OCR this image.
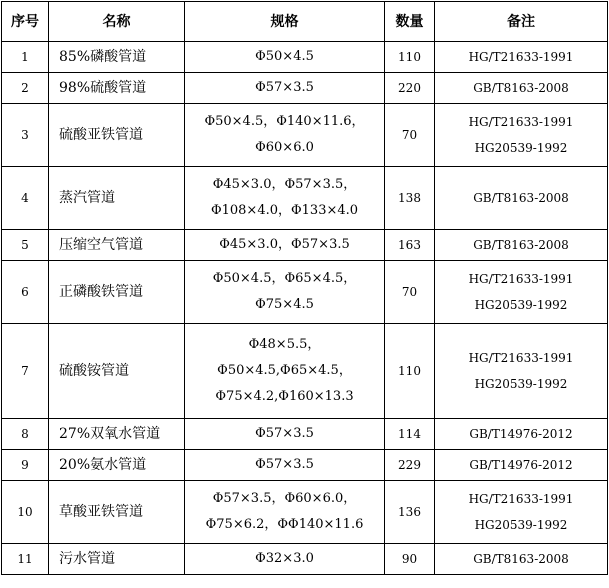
序号	名称	规格	数量	备注
1	85%磷酸管道	Φ50×4.5	110	HG/T21633-1991

2	98%硫酸管道	Φ57×3.5	220	GB/T8163-2008

3	硫酸亚铁管道	Φ50×4.5，Φ140×11.6，Φ60×6.0	70	HG/T21633-1991
HG20539-1992

4	蒸汽管道	Φ45×3.0，Φ57×3.5，Φ108×4.0，Φ133×4.0	138	GB/T8163-2008

5	压缩空气管道	Φ45×3.0，Φ57×3.5	163	GB/T8163-2008

6	正磷酸铁管道	Φ50×4.5，Φ65×4.5，Φ75×4.5	70	HG/T21633-1991
HG20539-1992

7	硫酸铵管道	Φ48×5.5，Φ50×4.5,Φ65×4.5，Φ75×4.2,Φ160×13.3	110	HG/T21633-1991
HG20539-1992

8	27%双氧水管道	Φ57×3.5	114	GB/T14976-2012

9	20%氨水管道	Φ57×3.5	229	GB/T14976-2012

10	草酸亚铁管道	Φ57×3.5，Φ60×6.0，Φ75×6.2，ΦΦ140×11.6	136	HG/T21633-1991
HG20539-1992

11	污水管道	Φ32×3.0	90	GB/T8163-2008
